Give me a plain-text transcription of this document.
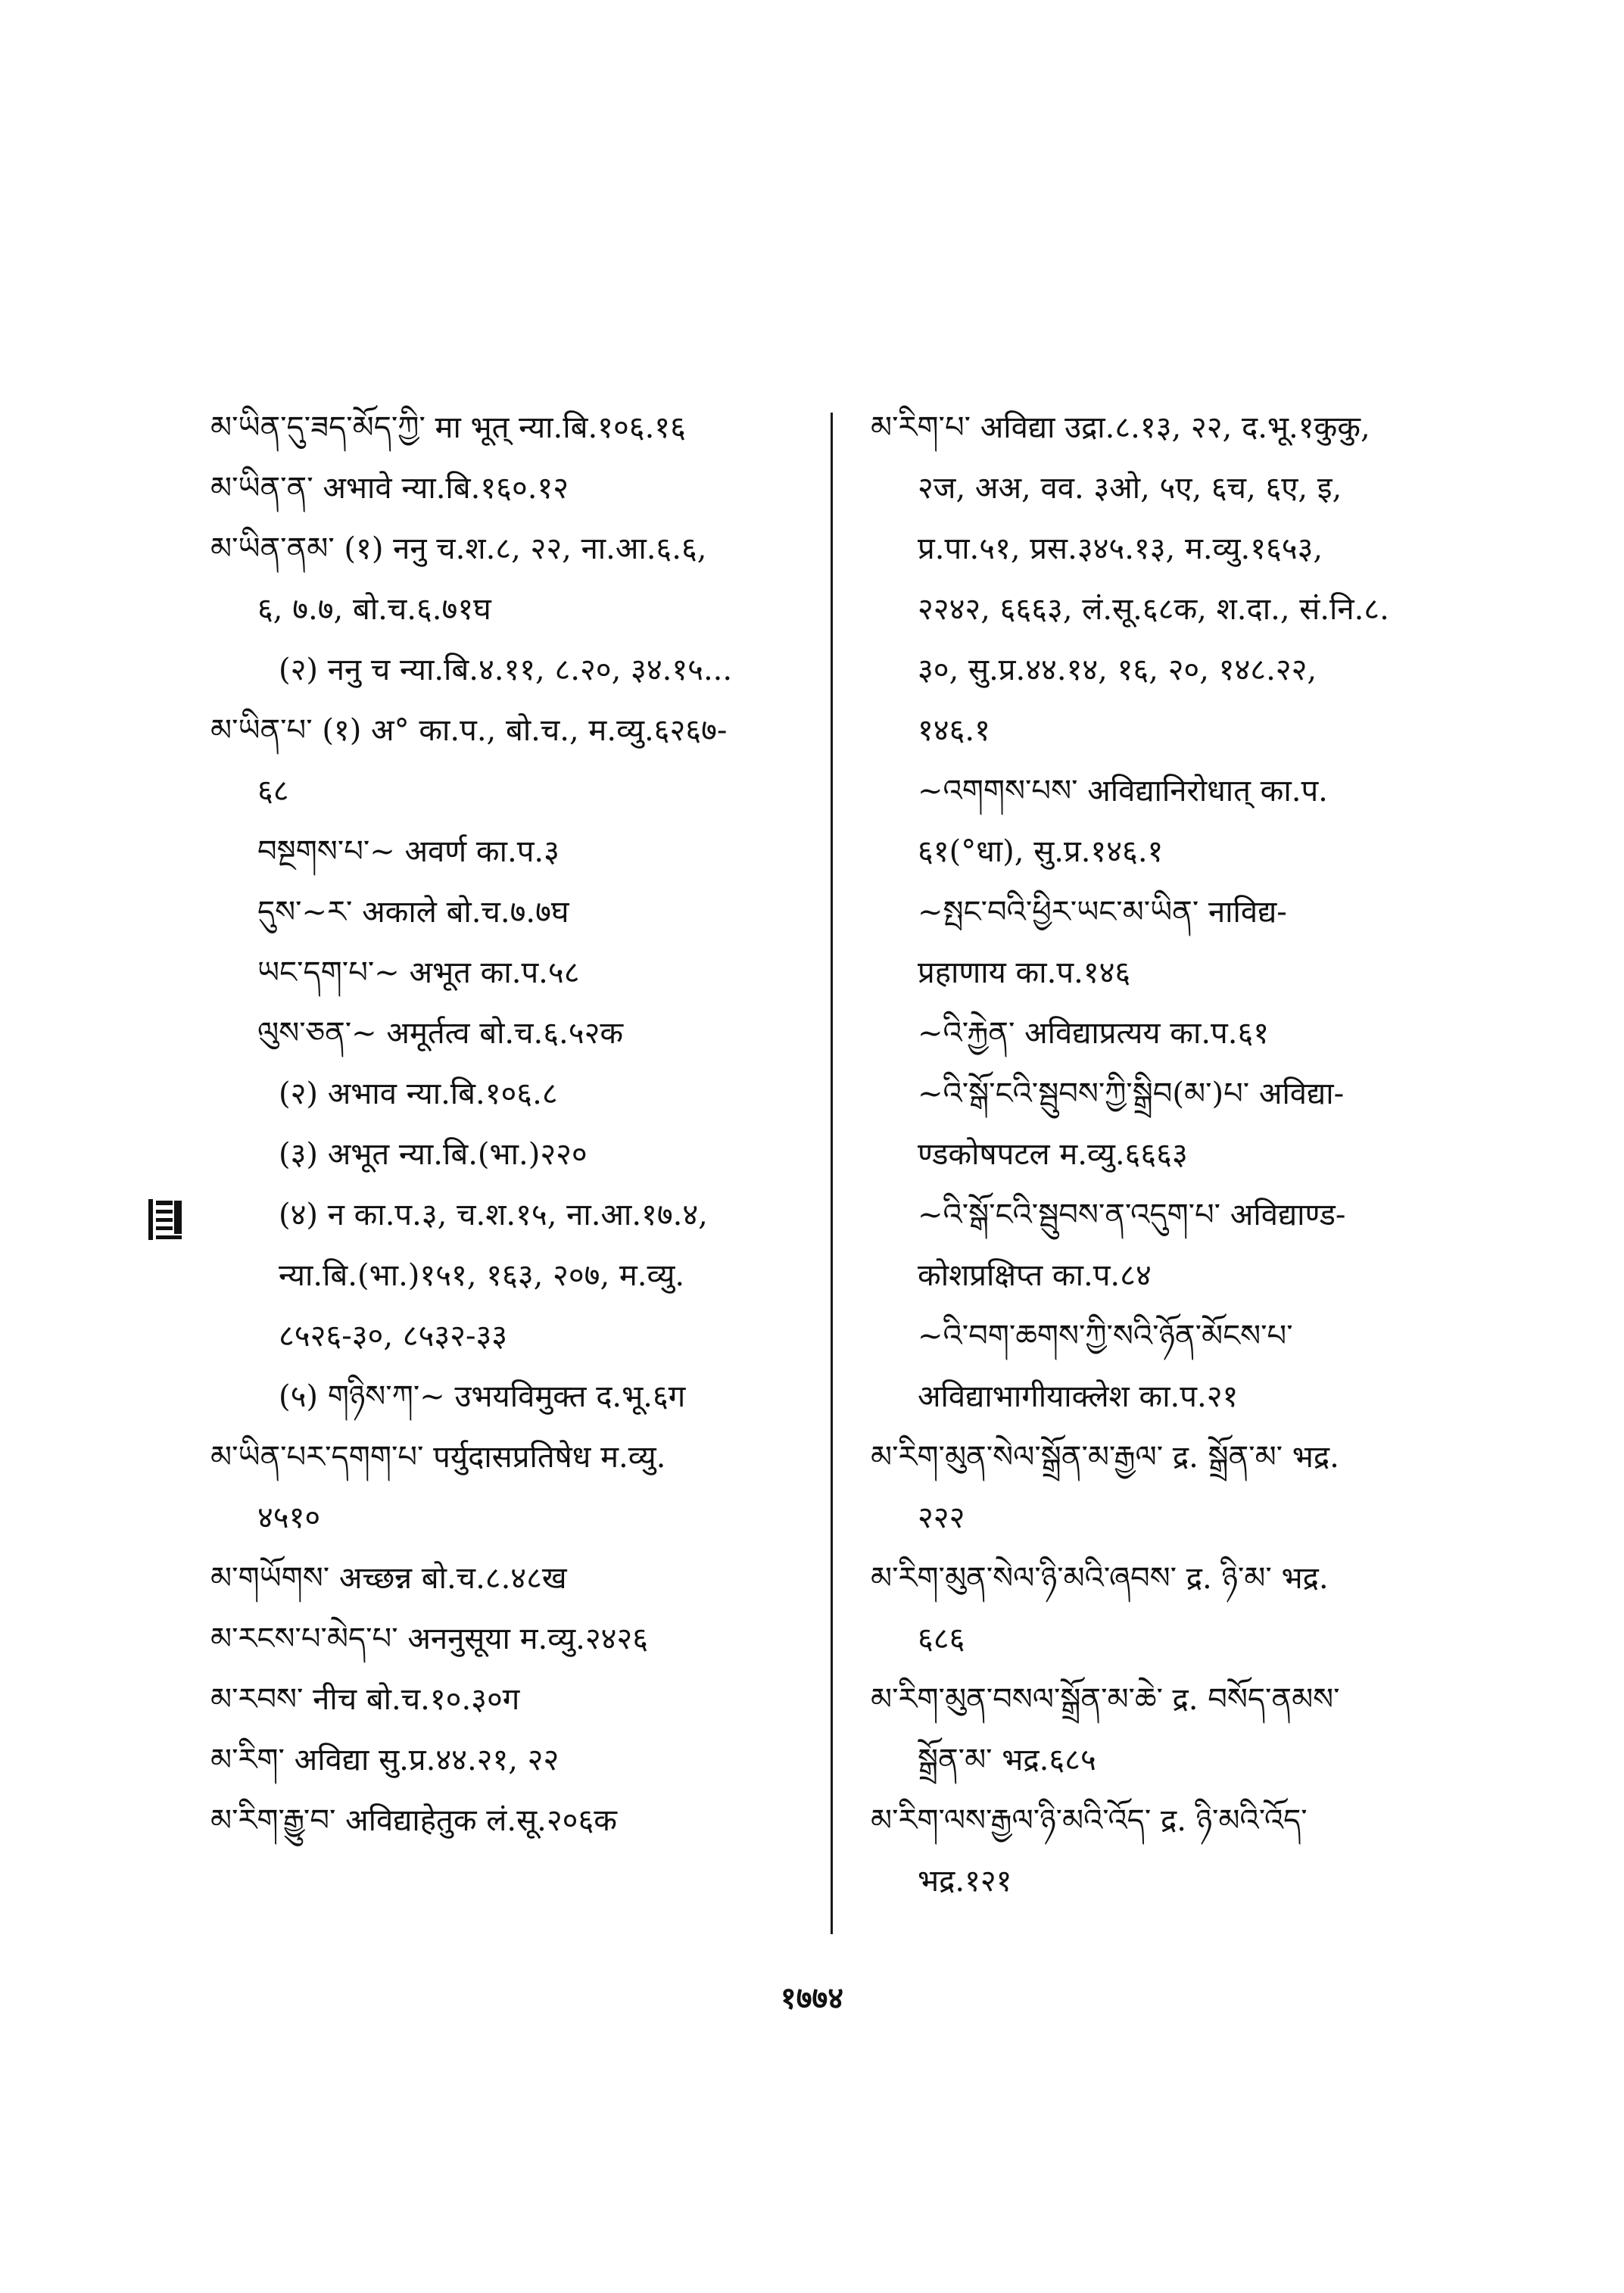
མ་ཡིན་དུ་ཟད་མོད་ཀྱི་ मा भूत् न्या.बि.१०६.१६
མ་ཡིན་ན་ अभावे न्या.बि.१६०.१२
མ་ཡིན་ནམ་ (१) ननु च.श.८, २२, ना.आ.६.६,
६, ७.७, बो.च.६.७१घ
(२) ननु च न्या.बि.४.११, ८.२०, ३४.१५...
མ་ཡིན་པ་ (१) अ° का.प., बो.च., म.व्यु.६२६७-
६८
བསྔགས་པ་~ अवर्ण का.प.३
དུས་~ར་ अकाले बो.च.७.७घ
ཡང་དག་པ་~ अभूत का.प.५८
ལུས་ཅན་~ अमूर्तत्व बो.च.६.५२क
(२) अभाव न्या.बि.१०६.८
(३) अभूत न्या.बि.(भा.)२२०
(४) न का.प.३, च.श.१५, ना.आ.१७.४,
न्या.बि.(भा.)१५१, १६३, २०७, म.व्यु.
८५२६-३०, ८५३२-३३
(५) གཉིས་ཀ་~ उभयविमुक्त द.भू.६ग
མ་ཡིན་པར་དགག་པ་ पर्युदासप्रतिषेध म.व्यु.
४५१०
མ་གཡོགས་ अच्छन्न बो.च.८.४८ख
མ་རངས་པ་མེད་པ་ अननुसूया म.व्यु.२४२६
མ་རབས་ नीच बो.च.१०.३०ग
མ་རིག་ अविद्या सु.प्र.४४.२१, २२
མ་རིག་རྒྱུ་བ་ अविद्याहेतुक लं.सू.२०६क
མ་རིག་པ་ अविद्या उद्रा.८.१३, २२, द.भू.१कुकु,
२ज, अअ, वव. ३ओ, ५ए, ६च, ६ए, इ,
प्र.पा.५१, प्रस.३४५.१३, म.व्यु.१६५३,
२२४२, ६६६३, लं.सू.६८क, श.दा., सं.नि.८.
३०, सु.प्र.४४.१४, १६, २०, १४८.२२,
१४६.१
~འགགས་པས་ अविद्यानिरोधात् का.प.
६१(°धा), सु.प्र.१४६.१
~སྤང་བའི་ཕྱིར་ཡང་མ་ཡིན་ नाविद्य-
प्रहाणाय का.प.१४६
~འི་རྐྱེན་ अविद्याप्रत्यय का.प.६१
~འི་སྒོ་ངའི་སྦུབས་ཀྱི་སྒྲིབ(མ་)པ་ अविद्या-
ण्डकोषपटल म.व्यु.६६६३
~འི་སྒོ་ངའི་སྦུབས་ན་འདུག་པ་ अविद्याण्ड-
कोशप्रक्षिप्त का.प.८४
~འི་བག་ཆགས་ཀྱི་སའི་ཉོན་མོངས་པ་
अविद्याभागीयाक्लेश का.प.२१
མ་རིག་མུན་སེལ་སྒྲོན་མ་རྒྱལ་ द्र. སྒྲོན་མ་ भद्र.
२२२
མ་རིག་མུན་སེལ་ཉི་མའི་ཞབས་ द्र. ཉི་མ་ भद्र.
६८६
མ་རིག་མུན་བསལ་སྒྲོན་མ་ཆེ་ द्र. བསོད་ནམས་
སྒྲོན་མ་ भद्र.६८५
མ་རིག་ལས་རྒྱལ་ཉི་མའི་འོད་ द्र. ཉི་མའི་འོད་
भद्र.१२१
१७७४
